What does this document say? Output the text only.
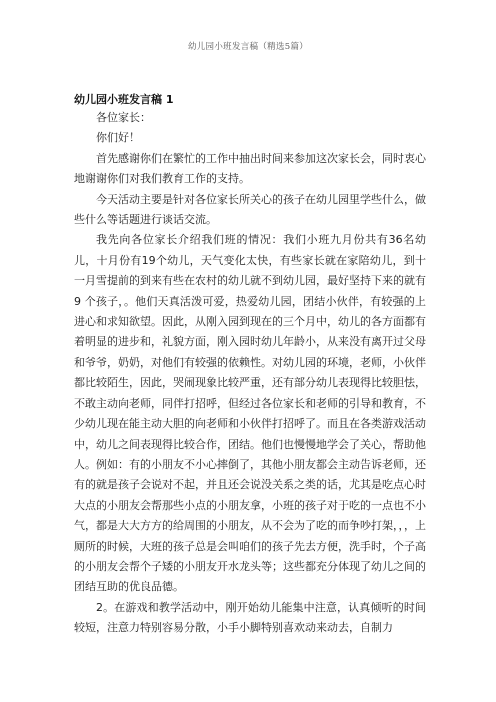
幼儿园小班发言稿（精选5篇）
幼儿园小班发言稿 1

各位家长：

你们好！

首先感谢你们在繁忙的工作中抽出时间来参加这次家长会，同时衷心地谢谢你们对我们教育工作的支持。

今天活动主要是针对各位家长所关心的孩子在幼儿园里学些什么，做些什么等话题进行谈话交流。

我先向各位家长介绍我们班的情况：我们小班九月份共有36名幼儿，十月份有19个幼儿，天气变化太快，有些家长就在家陪幼儿，到十一月雪提前的到来有些在农村的幼儿就不到幼儿园，最好坚持下来的就有 9 个孩子，。他们天真活泼可爱，热爱幼儿园，团结小伙伴，有较强的上进心和求知欲望。因此，从刚入园到现在的三个月中，幼儿的各方面都有着明显的进步和，礼貌方面，刚入园时幼儿年龄小，从来没有离开过父母和爷爷，奶奶，对他们有较强的依赖性。对幼儿园的环境，老师，小伙伴都比较陌生，因此，哭闹现象比较严重，还有部分幼儿表现得比较胆怯，不敢主动向老师，同伴打招呼，但经过各位家长和老师的引导和教育，不少幼儿现在能主动大胆的向老师和小伙伴打招呼了。而且在各类游戏活动中，幼儿之间表现得比较合作，团结。他们也慢慢地学会了关心，帮助他人。例如：有的小朋友不小心摔倒了，其他小朋友都会主动告诉老师，还有的就是孩子会说对不起，并且还会说没关系之类的话，尤其是吃点心时大点的小朋友会帮那些小点的小朋友拿，小班的孩子对于吃的一点也不小气，都是大大方方的给周围的小朋友，从不会为了吃的而争吵打架，，，上厕所的时候，大班的孩子总是会叫咱们的孩子先去方便，洗手时，个子高的小朋友会帮个子矮的小朋友开水龙头等；这些都充分体现了幼儿之间的团结互助的优良品德。

2。在游戏和教学活动中，刚开始幼儿能集中注意，认真倾听的时间较短，注意力特别容易分散，小手小脚特别喜欢动来动去，自制力
